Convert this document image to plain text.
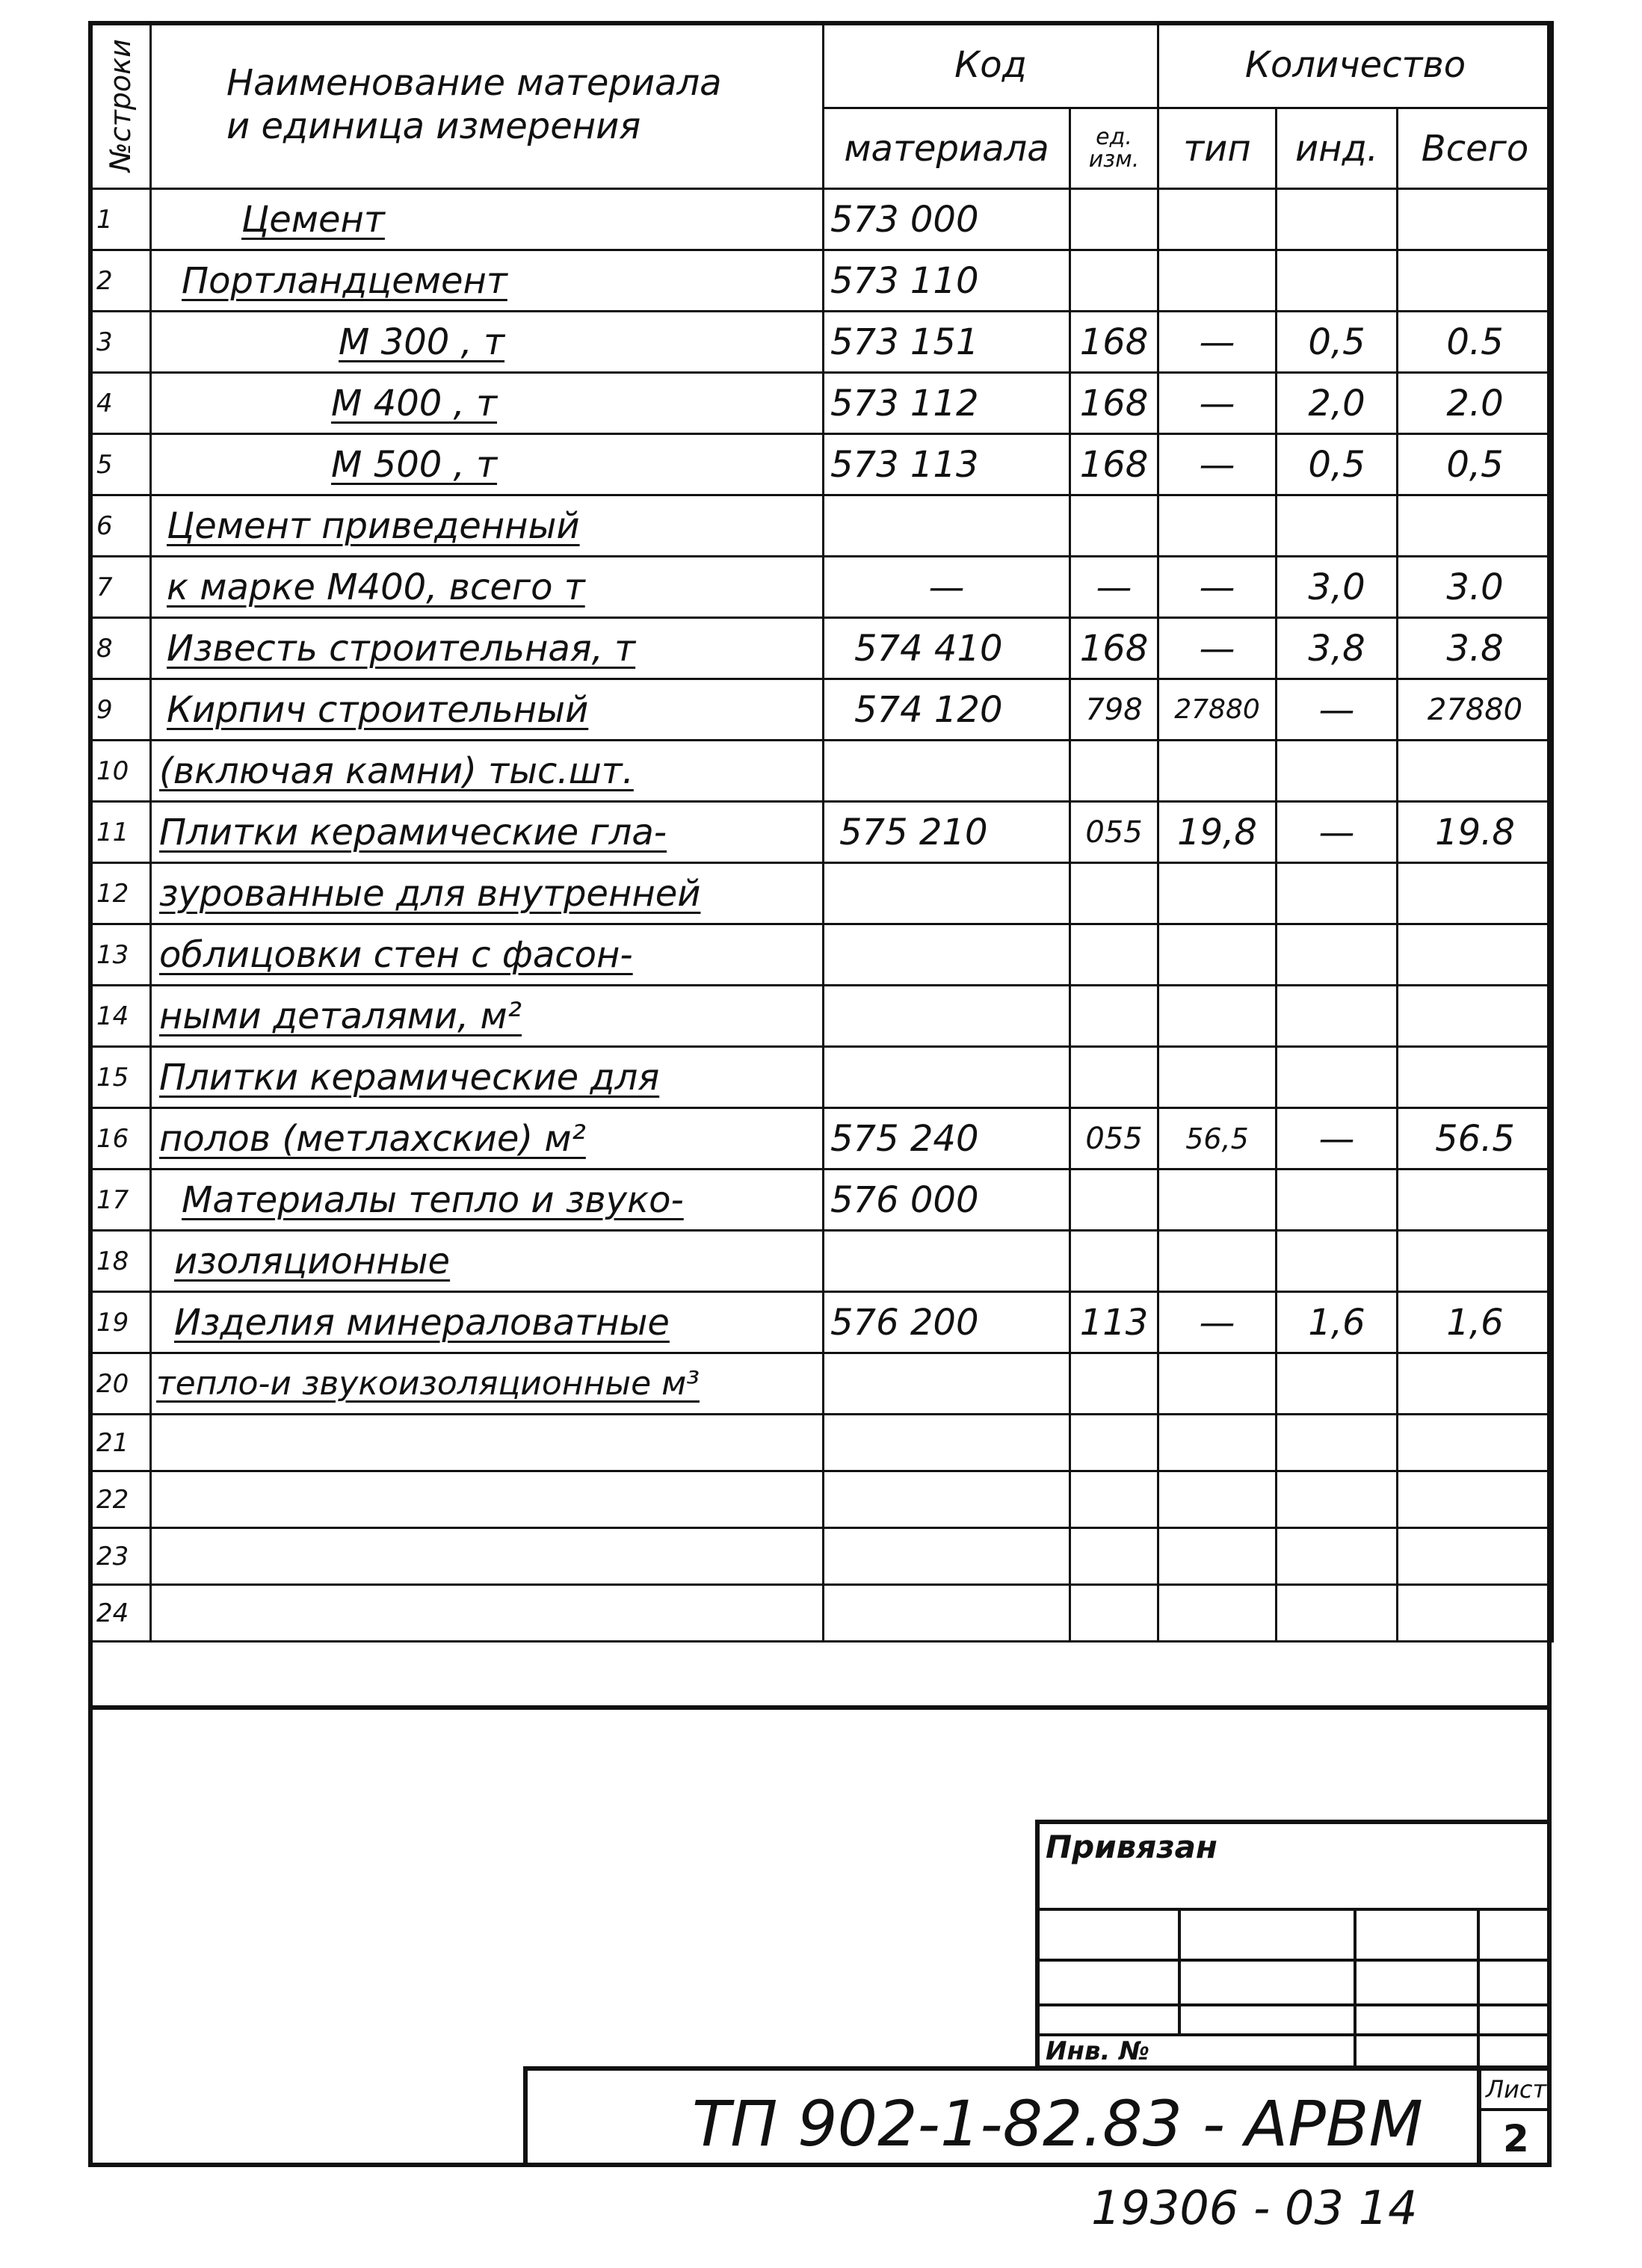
№строки	Наименование материала
и единица измерения	Код		Количество		
		материала	ед. изм.	тип	инд.	Всего
1	Цемент	573 000				
2	Портландцемент	573 110				
3	М 300 , т	573 151	168	—	0,5	0.5
4	М 400 , т	573 112	168	—	2,0	2.0
5	М 500 , т	573 113	168	—	0,5	0,5
6	Цемент приведенный					
7	к марке М400, всего т	—	—	—	3,0	3.0
8	Известь строительная, т	574 410	168	—	3,8	3.8
9	Кирпич строительный	574 120	798	27880	—	27880
10	(включая камни) тыс.шт.					
11	Плитки керамические гла-	575 210	055	19,8	—	19.8
12	зурованные для внутренней					
13	облицовки стен с фасон-					
14	ными деталями, м²					
15	Плитки керамические для					
16	полов (метлахские) м²	575 240	055	56,5	—	56.5
17	Материалы тепло и звуко-	576 000				
18	изоляционные					
19	Изделия минераловатные	576 200	113	—	1,6	1,6
20	тепло-и звукоизоляционные м³					
21						
22						
23						
24						
Привязан
Инв. №
ТП 902-1-82.83 - АРВМ	Лист
2
19306 - 03 14
